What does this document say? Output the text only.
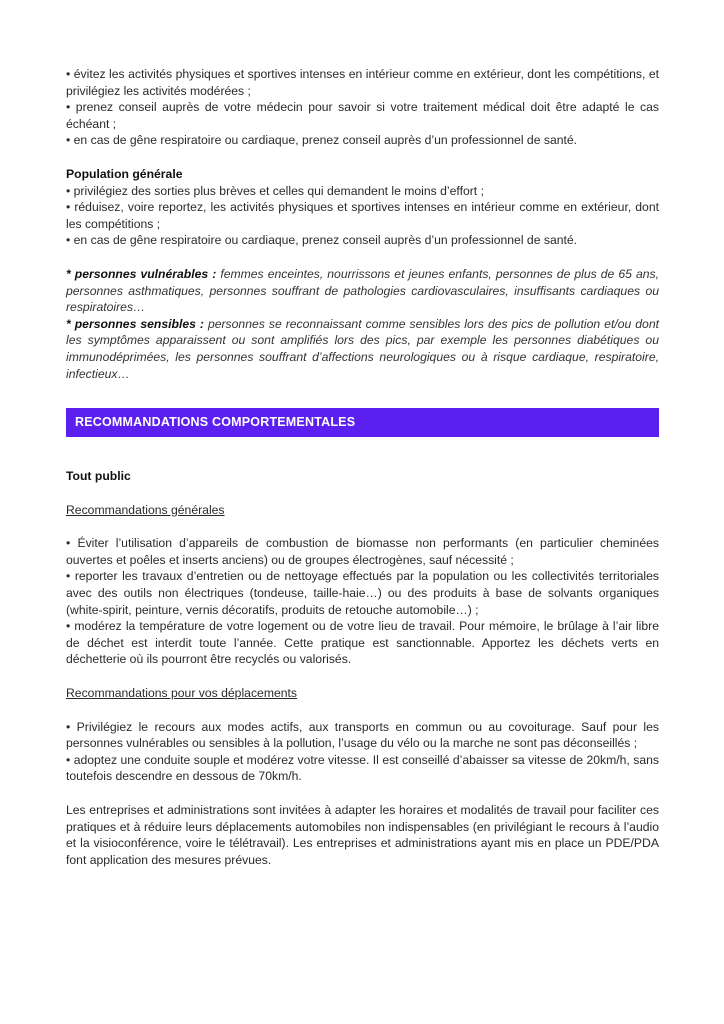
• évitez les activités physiques et sportives intenses en intérieur comme en extérieur, dont les compétitions, et privilégiez les activités modérées ;

• prenez conseil auprès de votre médecin pour savoir si votre traitement médical doit être adapté le cas échéant ;

• en cas de gêne respiratoire ou cardiaque, prenez conseil auprès d’un professionnel de santé.

Population générale

• privilégiez des sorties plus brèves et celles qui demandent le moins d’effort ;

• réduisez, voire reportez, les activités physiques et sportives intenses en intérieur comme en extérieur, dont les compétitions ;

• en cas de gêne respiratoire ou cardiaque, prenez conseil auprès d’un professionnel de santé.

* personnes vulnérables : femmes enceintes, nourrissons et jeunes enfants, personnes de plus de 65 ans, personnes asthmatiques, personnes souffrant de pathologies cardiovasculaires, insuffisants cardiaques ou respiratoires…

* personnes sensibles : personnes se reconnaissant comme sensibles lors des pics de pollution et/ou dont les symptômes apparaissent ou sont amplifiés lors des pics, par exemple les personnes diabétiques ou immunodéprimées, les personnes souffrant d’affections neurologiques ou à risque cardiaque, respiratoire, infectieux…

RECOMMANDATIONS COMPORTEMENTALES

Tout public

Recommandations générales

• Éviter l’utilisation d’appareils de combustion de biomasse non performants (en particulier cheminées ouvertes et poêles et inserts anciens) ou de groupes électrogènes, sauf nécessité ;

• reporter les travaux d’entretien ou de nettoyage effectués par la population ou les collectivités territoriales avec des outils non électriques (tondeuse, taille-haie…) ou des produits à base de solvants organiques (white-spirit, peinture, vernis décoratifs, produits de retouche automobile…) ;

• modérez la température de votre logement ou de votre lieu de travail. Pour mémoire, le brûlage à l’air libre de déchet est interdit toute l’année. Cette pratique est sanctionnable. Apportez les déchets verts en déchetterie où ils pourront être recyclés ou valorisés.

Recommandations pour vos déplacements

• Privilégiez le recours aux modes actifs, aux transports en commun ou au covoiturage. Sauf pour les personnes vulnérables ou sensibles à la pollution, l’usage du vélo ou la marche ne sont pas déconseillés ;

• adoptez une conduite souple et modérez votre vitesse. Il est conseillé d’abaisser sa vitesse de 20km/h, sans toutefois descendre en dessous de 70km/h.

Les entreprises et administrations sont invitées à adapter les horaires et modalités de travail pour faciliter ces pratiques et à réduire leurs déplacements automobiles non indispensables (en privilégiant le recours à l’audio et la visioconférence, voire le télétravail). Les entreprises et administrations ayant mis en place un PDE/PDA font application des mesures prévues.
